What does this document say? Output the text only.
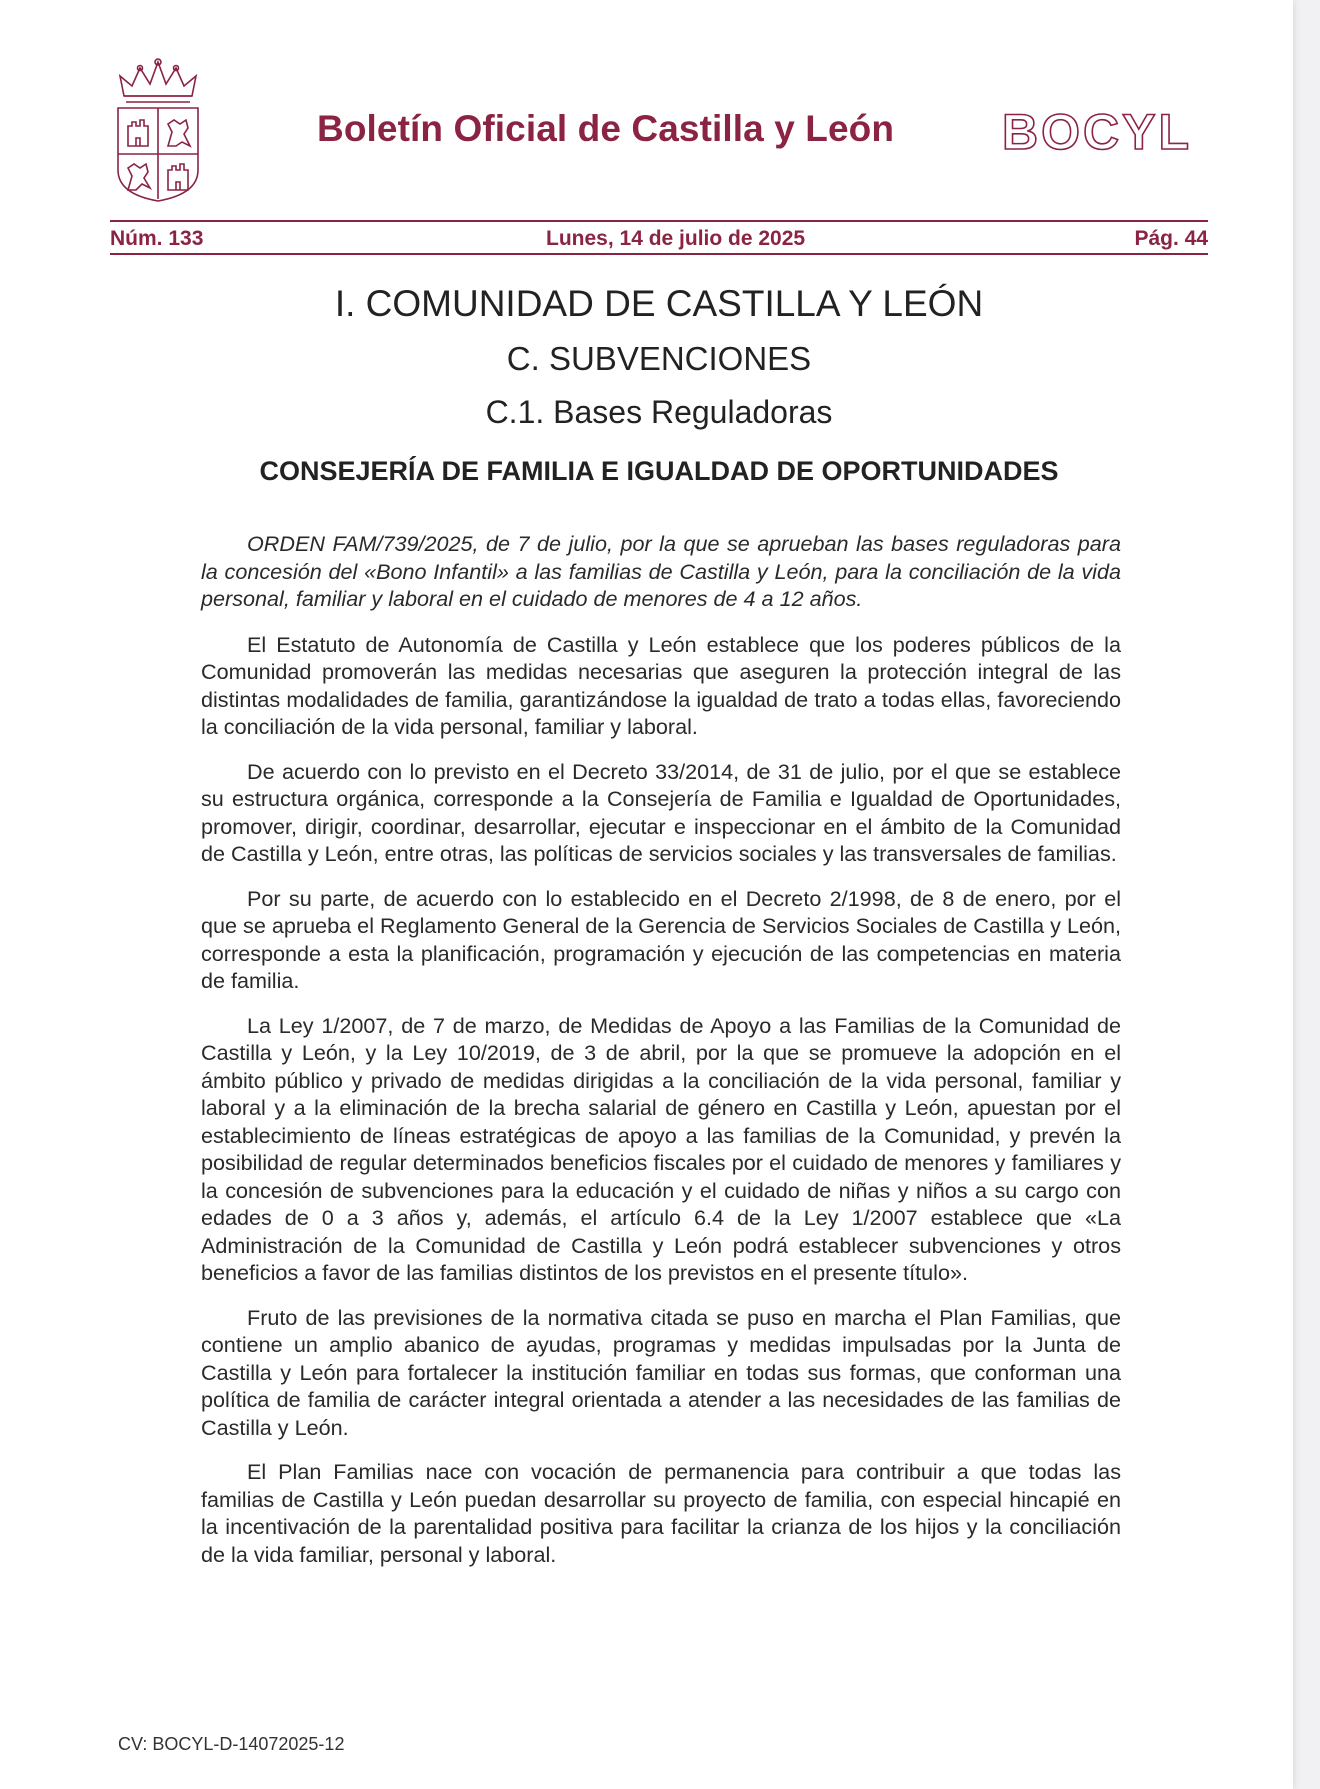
Boletín Oficial de Castilla y León BOCYL
Núm. 133	Lunes, 14 de julio de 2025	Pág. 44
I. COMUNIDAD DE CASTILLA Y LEÓN
C. SUBVENCIONES
C.1. Bases Reguladoras
CONSEJERÍA DE FAMILIA E IGUALDAD DE OPORTUNIDADES

ORDEN FAM/739/2025, de 7 de julio, por la que se aprueban las bases reguladoras para la concesión del «Bono Infantil» a las familias de Castilla y León, para la conciliación de la vida personal, familiar y laboral en el cuidado de menores de 4 a 12 años.

El Estatuto de Autonomía de Castilla y León establece que los poderes públicos de la Comunidad promoverán las medidas necesarias que aseguren la protección integral de las distintas modalidades de familia, garantizándose la igualdad de trato a todas ellas, favoreciendo la conciliación de la vida personal, familiar y laboral.

De acuerdo con lo previsto en el Decreto 33/2014, de 31 de julio, por el que se establece su estructura orgánica, corresponde a la Consejería de Familia e Igualdad de Oportunidades, promover, dirigir, coordinar, desarrollar, ejecutar e inspeccionar en el ámbito de la Comunidad de Castilla y León, entre otras, las políticas de servicios sociales y las transversales de familias.

Por su parte, de acuerdo con lo establecido en el Decreto 2/1998, de 8 de enero, por el que se aprueba el Reglamento General de la Gerencia de Servicios Sociales de Castilla y León, corresponde a esta la planificación, programación y ejecución de las competencias en materia de familia.

La Ley 1/2007, de 7 de marzo, de Medidas de Apoyo a las Familias de la Comunidad de Castilla y León, y la Ley 10/2019, de 3 de abril, por la que se promueve la adopción en el ámbito público y privado de medidas dirigidas a la conciliación de la vida personal, familiar y laboral y a la eliminación de la brecha salarial de género en Castilla y León, apuestan por el establecimiento de líneas estratégicas de apoyo a las familias de la Comunidad, y prevén la posibilidad de regular determinados beneficios fiscales por el cuidado de menores y familiares y la concesión de subvenciones para la educación y el cuidado de niñas y niños a su cargo con edades de 0 a 3 años y, además, el artículo 6.4 de la Ley 1/2007 establece que «La Administración de la Comunidad de Castilla y León podrá establecer subvenciones y otros beneficios a favor de las familias distintos de los previstos en el presente título».

Fruto de las previsiones de la normativa citada se puso en marcha el Plan Familias, que contiene un amplio abanico de ayudas, programas y medidas impulsadas por la Junta de Castilla y León para fortalecer la institución familiar en todas sus formas, que conforman una política de familia de carácter integral orientada a atender a las necesidades de las familias de Castilla y León.

El Plan Familias nace con vocación de permanencia para contribuir a que todas las familias de Castilla y León puedan desarrollar su proyecto de familia, con especial hincapié en la incentivación de la parentalidad positiva para facilitar la crianza de los hijos y la conciliación de la vida familiar, personal y laboral.

CV: BOCYL-D-14072025-12
